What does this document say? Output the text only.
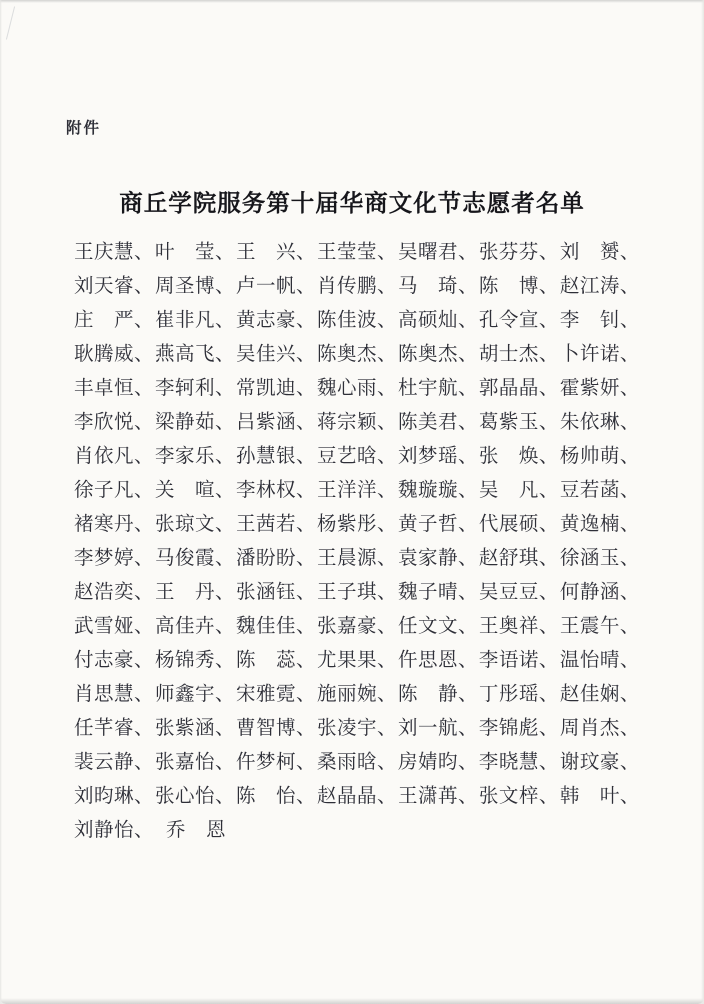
附件
商丘学院服务第十届华商文化节志愿者名单
王庆慧、 叶　莹、 王　兴、 王莹莹、 吴曙君、 张芬芬、 刘　赟、
刘天睿、 周圣博、 卢一帆、 肖传鹏、 马　琦、 陈　博、 赵江涛、
庄　严、 崔非凡、 黄志豪、 陈佳波、 高硕灿、 孔令宣、 李　钊、
耿腾威、 燕高飞、 吴佳兴、 陈奥杰、 陈奥杰、 胡士杰、 卜许诺、
丰卓恒、 李轲利、 常凯迪、 魏心雨、 杜宇航、 郭晶晶、 霍紫妍、
李欣悦、 梁静茹、 吕紫涵、 蒋宗颖、 陈美君、 葛紫玉、 朱依琳、
肖依凡、 李家乐、 孙慧银、 豆艺晗、 刘梦瑶、 张　焕、 杨帅萌、
徐子凡、 关　喧、 李林权、 王洋洋、 魏璇璇、 吴　凡、 豆若菡、
褚寒丹、 张琼文、 王茜若、 杨紫彤、 黄子哲、 代展硕、 黄逸楠、
李梦婷、 马俊霞、 潘盼盼、 王晨源、 袁家静、 赵舒琪、 徐涵玉、
赵浩奕、 王　丹、 张涵钰、 王子琪、 魏子晴、 吴豆豆、 何静涵、
武雪娅、 高佳卉、 魏佳佳、 张嘉豪、 任文文、 王奥祥、 王震午、
付志豪、 杨锦秀、 陈　蕊、 尤果果、 仵思恩、 李语诺、 温怡晴、
肖思慧、 师鑫宇、 宋雅霓、 施丽婉、 陈　静、 丁彤瑶、 赵佳娴、
任芊睿、 张紫涵、 曹智博、 张凌宇、 刘一航、 李锦彪、 周肖杰、
裴云静、 张嘉怡、 仵梦柯、 桑雨晗、 房婧昀、 李晓慧、 谢玟豪、
刘昀琳、 张心怡、 陈　怡、 赵晶晶、 王潇苒、 张文梓、 韩　叶、
刘静怡、 乔　恩
